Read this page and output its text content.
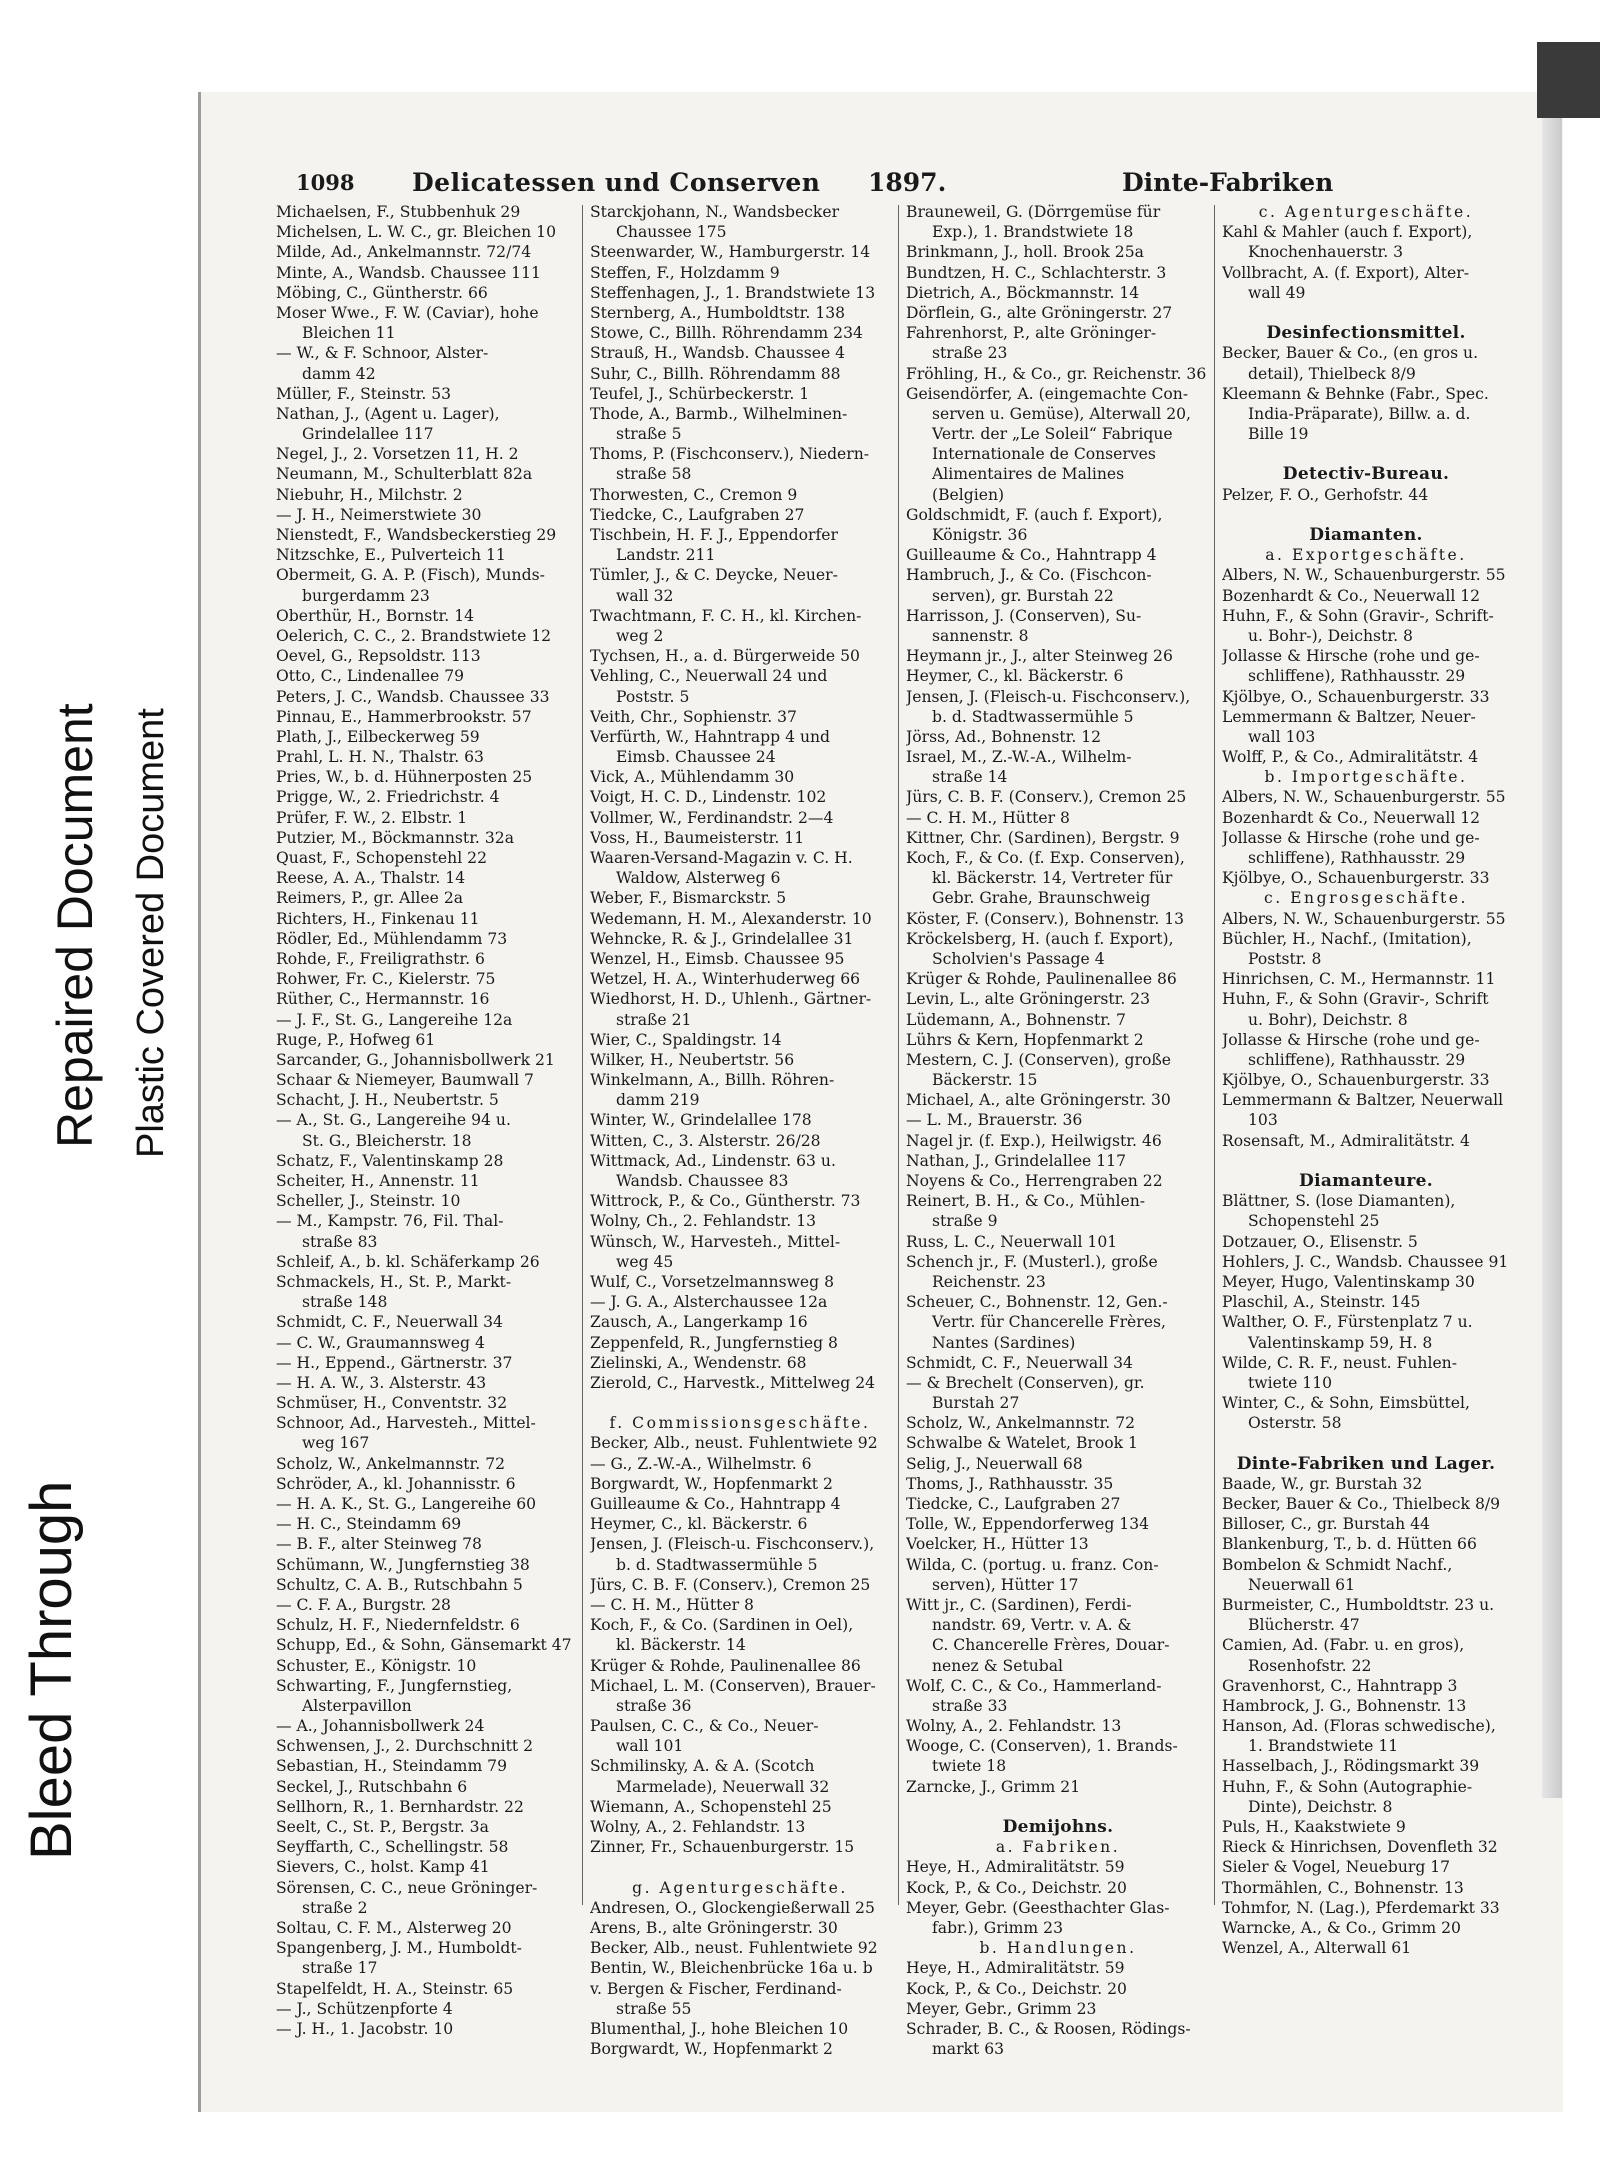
Bleed Through
Repaired Document Plastic Covered Document
1098 Delicatessen und Conserven 1897.	Dinte-Fabriken
Michaelsen, F., Stubbenhuk 29
Michelsen, L. W. C., gr. Bleichen 10
Milde, Ad., Ankelmannstr. 72/74
Minte, A., Wandsb. Chaussee 111
Möbing, C., Güntherstr. 66
Moser Wwe., F. W. (Caviar), hohe
Bleichen 11
— W., & F. Schnoor, Alster-
damm 42
Müller, F., Steinstr. 53
Nathan, J., (Agent u. Lager),
Grindelallee 117
Negel, J., 2. Vorsetzen 11, H. 2
Neumann, M., Schulterblatt 82a
Niebuhr, H., Milchstr. 2
— J. H., Neimerstwiete 30
Nienstedt, F., Wandsbeckerstieg 29
Nitzschke, E., Pulverteich 11
Obermeit, G. A. P. (Fisch), Munds-
burgerdamm 23
Oberthür, H., Bornstr. 14
Oelerich, C. C., 2. Brandstwiete 12
Oevel, G., Repsoldstr. 113
Otto, C., Lindenallee 79
Peters, J. C., Wandsb. Chaussee 33
Pinnau, E., Hammerbrookstr. 57
Plath, J., Eilbeckerweg 59
Prahl, L. H. N., Thalstr. 63
Pries, W., b. d. Hühnerposten 25
Prigge, W., 2. Friedrichstr. 4
Prüfer, F. W., 2. Elbstr. 1
Putzier, M., Böckmannstr. 32a
Quast, F., Schopenstehl 22
Reese, A. A., Thalstr. 14
Reimers, P., gr. Allee 2a
Richters, H., Finkenau 11
Rödler, Ed., Mühlendamm 73
Rohde, F., Freiligrathstr. 6
Rohwer, Fr. C., Kielerstr. 75
Rüther, C., Hermannstr. 16
— J. F., St. G., Langereihe 12a
Ruge, P., Hofweg 61
Sarcander, G., Johannisbollwerk 21
Schaar & Niemeyer, Baumwall 7
Schacht, J. H., Neubertstr. 5
— A., St. G., Langereihe 94 u.
St. G., Bleicherstr. 18
Schatz, F., Valentinskamp 28
Scheiter, H., Annenstr. 11
Scheller, J., Steinstr. 10
— M., Kampstr. 76, Fil. Thal-
straße 83
Schleif, A., b. kl. Schäferkamp 26
Schmackels, H., St. P., Markt-
straße 148
Schmidt, C. F., Neuerwall 34
— C. W., Graumannsweg 4
— H., Eppend., Gärtnerstr. 37
— H. A. W., 3. Alsterstr. 43
Schmüser, H., Conventstr. 32
Schnoor, Ad., Harvesteh., Mittel-
weg 167
Scholz, W., Ankelmannstr. 72
Schröder, A., kl. Johannisstr. 6
— H. A. K., St. G., Langereihe 60
— H. C., Steindamm 69
— B. F., alter Steinweg 78
Schümann, W., Jungfernstieg 38
Schultz, C. A. B., Rutschbahn 5
— C. F. A., Burgstr. 28
Schulz, H. F., Niedernfeldstr. 6
Schupp, Ed., & Sohn, Gänsemarkt 47
Schuster, E., Königstr. 10
Schwarting, F., Jungfernstieg,
Alsterpavillon
— A., Johannisbollwerk 24
Schwensen, J., 2. Durchschnitt 2
Sebastian, H., Steindamm 79
Seckel, J., Rutschbahn 6
Sellhorn, R., 1. Bernhardstr. 22
Seelt, C., St. P., Bergstr. 3a
Seyffarth, C., Schellingstr. 58
Sievers, C., holst. Kamp 41
Sörensen, C. C., neue Gröninger-
straße 2
Soltau, C. F. M., Alsterweg 20
Spangenberg, J. M., Humboldt-
straße 17
Stapelfeldt, H. A., Steinstr. 65
— J., Schützenpforte 4
— J. H., 1. Jacobstr. 10
Starckjohann, N., Wandsbecker
Chaussee 175
Steenwarder, W., Hamburgerstr. 14
Steffen, F., Holzdamm 9
Steffenhagen, J., 1. Brandstwiete 13
Sternberg, A., Humboldtstr. 138
Stowe, C., Billh. Röhrendamm 234
Strauß, H., Wandsb. Chaussee 4
Suhr, C., Billh. Röhrendamm 88
Teufel, J., Schürbeckerstr. 1
Thode, A., Barmb., Wilhelminen-
straße 5
Thoms, P. (Fischconserv.), Niedern-
straße 58
Thorwesten, C., Cremon 9
Tiedcke, C., Laufgraben 27
Tischbein, H. F. J., Eppendorfer
Landstr. 211
Tümler, J., & C. Deycke, Neuer-
wall 32
Twachtmann, F. C. H., kl. Kirchen-
weg 2
Tychsen, H., a. d. Bürgerweide 50
Vehling, C., Neuerwall 24 und
Poststr. 5
Veith, Chr., Sophienstr. 37
Verfürth, W., Hahntrapp 4 und
Eimsb. Chaussee 24
Vick, A., Mühlendamm 30
Voigt, H. C. D., Lindenstr. 102
Vollmer, W., Ferdinandstr. 2—4
Voss, H., Baumeisterstr. 11
Waaren-Versand-Magazin v. C. H.
Waldow, Alsterweg 6
Weber, F., Bismarckstr. 5
Wedemann, H. M., Alexanderstr. 10
Wehncke, R. & J., Grindelallee 31
Wenzel, H., Eimsb. Chaussee 95
Wetzel, H. A., Winterhuderweg 66
Wiedhorst, H. D., Uhlenh., Gärtner-
straße 21
Wier, C., Spaldingstr. 14
Wilker, H., Neubertstr. 56
Winkelmann, A., Billh. Röhren-
damm 219
Winter, W., Grindelallee 178
Witten, C., 3. Alsterstr. 26/28
Wittmack, Ad., Lindenstr. 63 u.
Wandsb. Chaussee 83
Wittrock, P., & Co., Güntherstr. 73
Wolny, Ch., 2. Fehlandstr. 13
Wünsch, W., Harvesteh., Mittel-
weg 45
Wulf, C., Vorsetzelmannsweg 8
— J. G. A., Alsterchaussee 12a
Zausch, A., Langerkamp 16
Zeppenfeld, R., Jungfernstieg 8
Zielinski, A., Wendenstr. 68
Zierold, C., Harvestk., Mittelweg 24
f. Commissionsgeschäfte.
Becker, Alb., neust. Fuhlentwiete 92
— G., Z.-W.-A., Wilhelmstr. 6
Borgwardt, W., Hopfenmarkt 2
Guilleaume & Co., Hahntrapp 4
Heymer, C., kl. Bäckerstr. 6
Jensen, J. (Fleisch-u. Fischconserv.),
b. d. Stadtwassermühle 5
Jürs, C. B. F. (Conserv.), Cremon 25
— C. H. M., Hütter 8
Koch, F., & Co. (Sardinen in Oel),
kl. Bäckerstr. 14
Krüger & Rohde, Paulinenallee 86
Michael, L. M. (Conserven), Brauer-
straße 36
Paulsen, C. C., & Co., Neuer-
wall 101
Schmilinsky, A. & A. (Scotch
Marmelade), Neuerwall 32
Wiemann, A., Schopenstehl 25
Wolny, A., 2. Fehlandstr. 13
Zinner, Fr., Schauenburgerstr. 15
g. Agenturgeschäfte.
Andresen, O., Glockengießerwall 25
Arens, B., alte Gröningerstr. 30
Becker, Alb., neust. Fuhlentwiete 92
Bentin, W., Bleichenbrücke 16a u. b
v. Bergen & Fischer, Ferdinand-
straße 55
Blumenthal, J., hohe Bleichen 10
Borgwardt, W., Hopfenmarkt 2
Brauneweil, G. (Dörrgemüse für
Exp.), 1. Brandstwiete 18
Brinkmann, J., holl. Brook 25a
Bundtzen, H. C., Schlachterstr. 3
Dietrich, A., Böckmannstr. 14
Dörflein, G., alte Gröningerstr. 27
Fahrenhorst, P., alte Gröninger-
straße 23
Fröhling, H., & Co., gr. Reichenstr. 36
Geisendörfer, A. (eingemachte Con-
serven u. Gemüse), Alterwall 20,
Vertr. der „Le Soleil“ Fabrique
Internationale de Conserves
Alimentaires de Malines
(Belgien)
Goldschmidt, F. (auch f. Export),
Königstr. 36
Guilleaume & Co., Hahntrapp 4
Hambruch, J., & Co. (Fischcon-
serven), gr. Burstah 22
Harrisson, J. (Conserven), Su-
sannenstr. 8
Heymann jr., J., alter Steinweg 26
Heymer, C., kl. Bäckerstr. 6
Jensen, J. (Fleisch-u. Fischconserv.),
b. d. Stadtwassermühle 5
Jörss, Ad., Bohnenstr. 12
Israel, M., Z.-W.-A., Wilhelm-
straße 14
Jürs, C. B. F. (Conserv.), Cremon 25
— C. H. M., Hütter 8
Kittner, Chr. (Sardinen), Bergstr. 9
Koch, F., & Co. (f. Exp. Conserven),
kl. Bäckerstr. 14, Vertreter für
Gebr. Grahe, Braunschweig
Köster, F. (Conserv.), Bohnenstr. 13
Kröckelsberg, H. (auch f. Export),
Scholvien's Passage 4
Krüger & Rohde, Paulinenallee 86
Levin, L., alte Gröningerstr. 23
Lüdemann, A., Bohnenstr. 7
Lührs & Kern, Hopfenmarkt 2
Mestern, C. J. (Conserven), große
Bäckerstr. 15
Michael, A., alte Gröningerstr. 30
— L. M., Brauerstr. 36
Nagel jr. (f. Exp.), Heilwigstr. 46
Nathan, J., Grindelallee 117
Noyens & Co., Herrengraben 22
Reinert, B. H., & Co., Mühlen-
straße 9
Russ, L. C., Neuerwall 101
Schench jr., F. (Musterl.), große
Reichenstr. 23
Scheuer, C., Bohnenstr. 12, Gen.-
Vertr. für Chancerelle Frères,
Nantes (Sardines)
Schmidt, C. F., Neuerwall 34
— & Brechelt (Conserven), gr.
Burstah 27
Scholz, W., Ankelmannstr. 72
Schwalbe & Watelet, Brook 1
Selig, J., Neuerwall 68
Thoms, J., Rathhausstr. 35
Tiedcke, C., Laufgraben 27
Tolle, W., Eppendorferweg 134
Voelcker, H., Hütter 13
Wilda, C. (portug. u. franz. Con-
serven), Hütter 17
Witt jr., C. (Sardinen), Ferdi-
nandstr. 69, Vertr. v. A. &
C. Chancerelle Frères, Douar-
nenez & Setubal
Wolf, C. C., & Co., Hammerland-
straße 33
Wolny, A., 2. Fehlandstr. 13
Wooge, C. (Conserven), 1. Brands-
twiete 18
Zarncke, J., Grimm 21
Demijohns.
a. Fabriken.
Heye, H., Admiralitätstr. 59
Kock, P., & Co., Deichstr. 20
Meyer, Gebr. (Geesthachter Glas-
fabr.), Grimm 23
b. Handlungen.
Heye, H., Admiralitätstr. 59
Kock, P., & Co., Deichstr. 20
Meyer, Gebr., Grimm 23
Schrader, B. C., & Roosen, Rödings-
markt 63
c. Agenturgeschäfte.
Kahl & Mahler (auch f. Export),
Knochenhauerstr. 3
Vollbracht, A. (f. Export), Alter-
wall 49
Desinfectionsmittel.
Becker, Bauer & Co., (en gros u.
detail), Thielbeck 8/9
Kleemann & Behnke (Fabr., Spec.
India-Präparate), Billw. a. d.
Bille 19
Detectiv-Bureau.
Pelzer, F. O., Gerhofstr. 44
Diamanten.
a. Exportgeschäfte.
Albers, N. W., Schauenburgerstr. 55
Bozenhardt & Co., Neuerwall 12
Huhn, F., & Sohn (Gravir-, Schrift-
u. Bohr-), Deichstr. 8
Jollasse & Hirsche (rohe und ge-
schliffene), Rathhausstr. 29
Kjölbye, O., Schauenburgerstr. 33
Lemmermann & Baltzer, Neuer-
wall 103
Wolff, P., & Co., Admiralitätstr. 4
b. Importgeschäfte.
Albers, N. W., Schauenburgerstr. 55
Bozenhardt & Co., Neuerwall 12
Jollasse & Hirsche (rohe und ge-
schliffene), Rathhausstr. 29
Kjölbye, O., Schauenburgerstr. 33
c. Engrosgeschäfte.
Albers, N. W., Schauenburgerstr. 55
Büchler, H., Nachf., (Imitation),
Poststr. 8
Hinrichsen, C. M., Hermannstr. 11
Huhn, F., & Sohn (Gravir-, Schrift
u. Bohr), Deichstr. 8
Jollasse & Hirsche (rohe und ge-
schliffene), Rathhausstr. 29
Kjölbye, O., Schauenburgerstr. 33
Lemmermann & Baltzer, Neuerwall
103
Rosensaft, M., Admiralitätstr. 4
Diamanteure.
Blättner, S. (lose Diamanten),
Schopenstehl 25
Dotzauer, O., Elisenstr. 5
Hohlers, J. C., Wandsb. Chaussee 91
Meyer, Hugo, Valentinskamp 30
Plaschil, A., Steinstr. 145
Walther, O. F., Fürstenplatz 7 u.
Valentinskamp 59, H. 8
Wilde, C. R. F., neust. Fuhlen-
twiete 110
Winter, C., & Sohn, Eimsbüttel,
Osterstr. 58
Dinte-Fabriken und Lager.
Baade, W., gr. Burstah 32
Becker, Bauer & Co., Thielbeck 8/9
Billoser, C., gr. Burstah 44
Blankenburg, T., b. d. Hütten 66
Bombelon & Schmidt Nachf.,
Neuerwall 61
Burmeister, C., Humboldtstr. 23 u.
Blücherstr. 47
Camien, Ad. (Fabr. u. en gros),
Rosenhofstr. 22
Gravenhorst, C., Hahntrapp 3
Hambrock, J. G., Bohnenstr. 13
Hanson, Ad. (Floras schwedische),
1. Brandstwiete 11
Hasselbach, J., Rödingsmarkt 39
Huhn, F., & Sohn (Autographie-
Dinte), Deichstr. 8
Puls, H., Kaakstwiete 9
Rieck & Hinrichsen, Dovenfleth 32
Sieler & Vogel, Neueburg 17
Thormählen, C., Bohnenstr. 13
Tohmfor, N. (Lag.), Pferdemarkt 33
Warncke, A., & Co., Grimm 20
Wenzel, A., Alterwall 61
